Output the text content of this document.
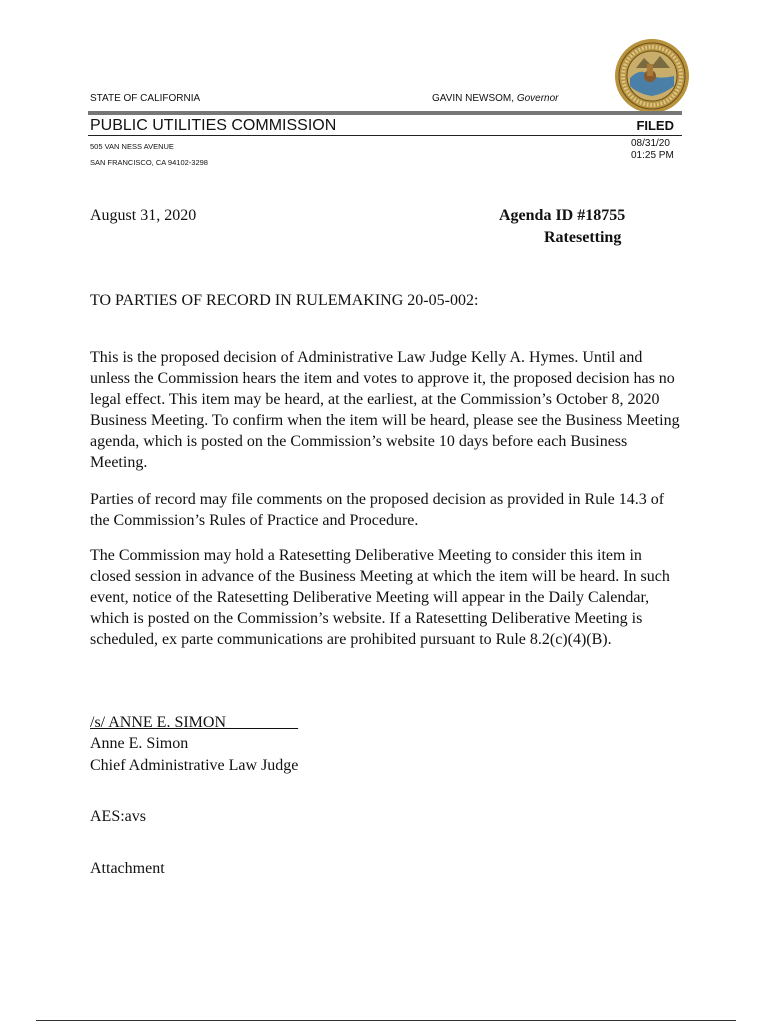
STATE OF CALIFORNIA	GAVIN NEWSOM, Governor
PUBLIC UTILITIES COMMISSION	FILED
505 VAN NESS AVENUE
SAN FRANCISCO, CA 94102-3298
08/31/20
01:25 PM
August 31, 2020	Agenda ID #18755
Ratesetting
TO PARTIES OF RECORD IN RULEMAKING 20-05-002:

This is the proposed decision of Administrative Law Judge Kelly A. Hymes. Until and unless the Commission hears the item and votes to approve it, the proposed decision has no legal effect. This item may be heard, at the earliest, at the Commission’s October 8, 2020 Business Meeting. To confirm when the item will be heard, please see the Business Meeting agenda, which is posted on the Commission’s website 10 days before each Business Meeting.

Parties of record may file comments on the proposed decision as provided in Rule 14.3 of the Commission’s Rules of Practice and Procedure.

The Commission may hold a Ratesetting Deliberative Meeting to consider this item in closed session in advance of the Business Meeting at which the item will be heard. In such event, notice of the Ratesetting Deliberative Meeting will appear in the Daily Calendar, which is posted on the Commission’s website. If a Ratesetting Deliberative Meeting is scheduled, ex parte communications are prohibited pursuant to Rule 8.2(c)(4)(B).

/s/ ANNE E. SIMON_________
Anne E. Simon
Chief Administrative Law Judge
AES:avs
Attachment
